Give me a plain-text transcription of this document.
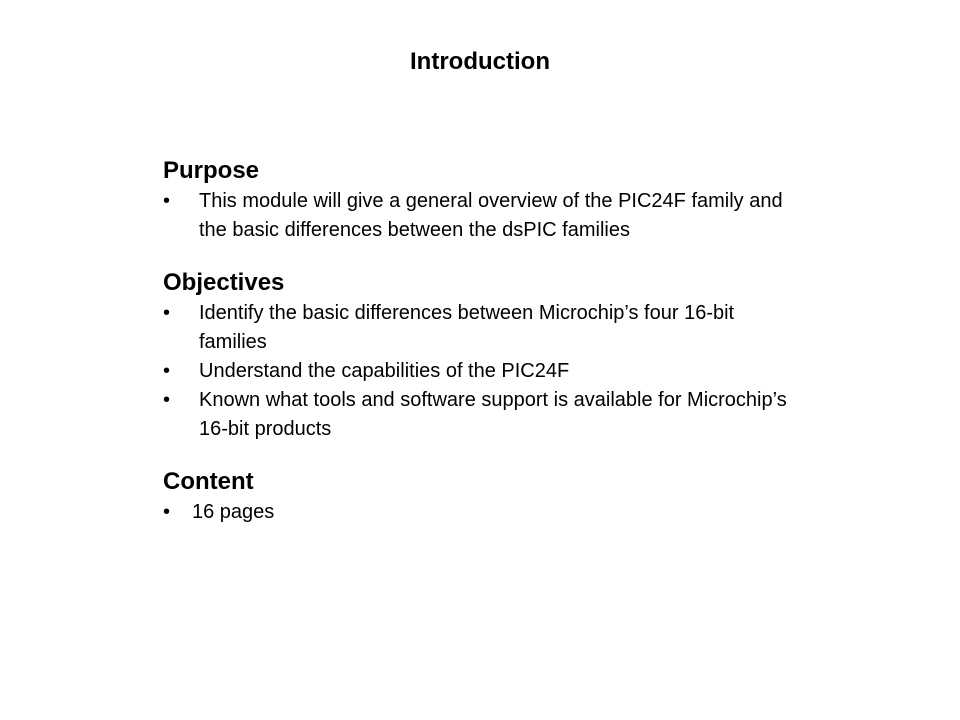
Introduction
Purpose
• This module will give a general overview of the PIC24F family and the basic differences between the dsPIC families
Objectives
• Identify the basic differences between Microchip’s four 16-bit families
• Understand the capabilities of the PIC24F
• Known what tools and software support is available for Microchip’s 16-bit products
Content
• 16 pages
